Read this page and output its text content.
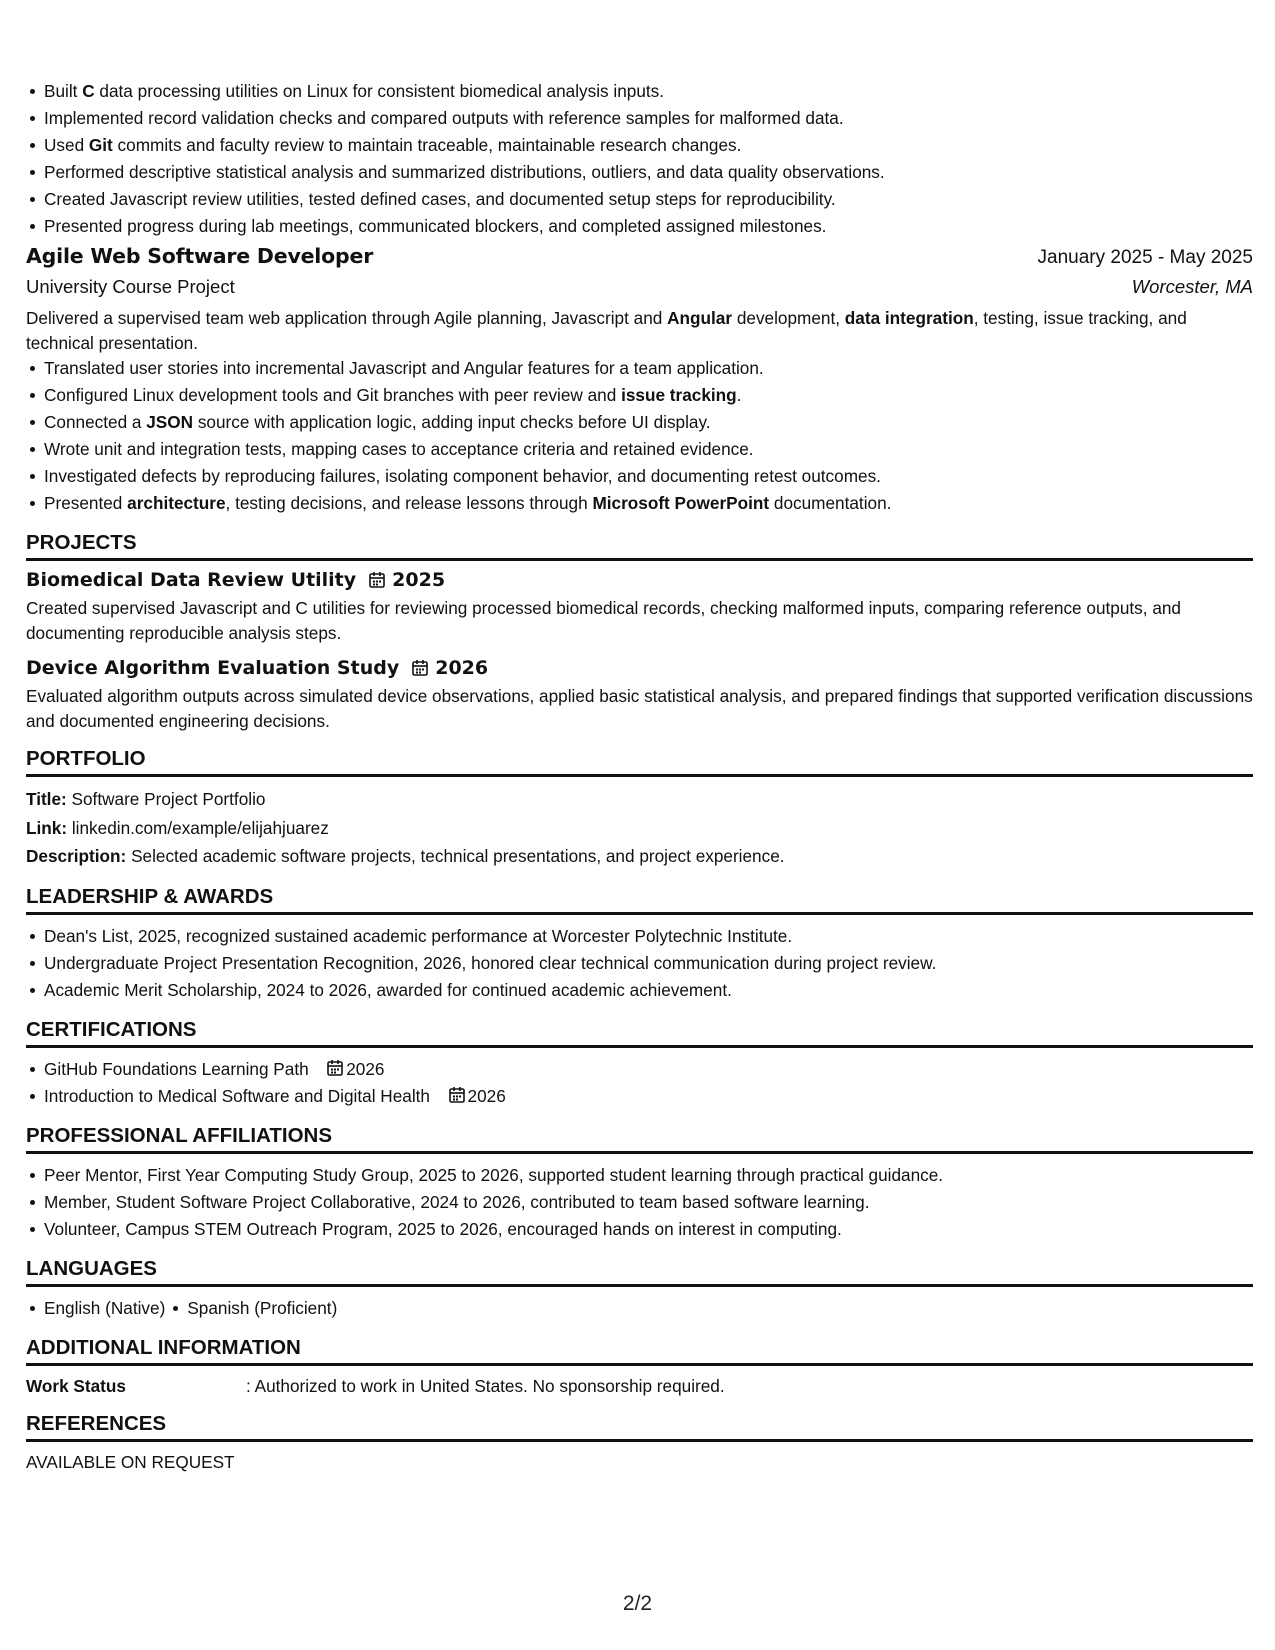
Built C data processing utilities on Linux for consistent biomedical analysis inputs.
Implemented record validation checks and compared outputs with reference samples for malformed data.
Used Git commits and faculty review to maintain traceable, maintainable research changes.
Performed descriptive statistical analysis and summarized distributions, outliers, and data quality observations.
Created Javascript review utilities, tested defined cases, and documented setup steps for reproducibility.
Presented progress during lab meetings, communicated blockers, and completed assigned milestones.
Agile Web Software Developer	January 2025 - May 2025
University Course Project	Worcester, MA
Delivered a supervised team web application through Agile planning, Javascript and Angular development, data integration, testing, issue tracking, and technical presentation.
Translated user stories into incremental Javascript and Angular features for a team application.
Configured Linux development tools and Git branches with peer review and issue tracking.
Connected a JSON source with application logic, adding input checks before UI display.
Wrote unit and integration tests, mapping cases to acceptance criteria and retained evidence.
Investigated defects by reproducing failures, isolating component behavior, and documenting retest outcomes.
Presented architecture, testing decisions, and release lessons through Microsoft PowerPoint documentation.
PROJECTS
Biomedical Data Review Utility 2025
Created supervised Javascript and C utilities for reviewing processed biomedical records, checking malformed inputs, comparing reference outputs, and documenting reproducible analysis steps.
Device Algorithm Evaluation Study 2026
Evaluated algorithm outputs across simulated device observations, applied basic statistical analysis, and prepared findings that supported verification discussions and documented engineering decisions.
PORTFOLIO
Title: Software Project Portfolio
Link: linkedin.com/example/elijahjuarez
Description: Selected academic software projects, technical presentations, and project experience.
LEADERSHIP & AWARDS
Dean's List, 2025, recognized sustained academic performance at Worcester Polytechnic Institute.
Undergraduate Project Presentation Recognition, 2026, honored clear technical communication during project review.
Academic Merit Scholarship, 2024 to 2026, awarded for continued academic achievement.
CERTIFICATIONS
GitHub Foundations Learning Path 2026
Introduction to Medical Software and Digital Health 2026
PROFESSIONAL AFFILIATIONS
Peer Mentor, First Year Computing Study Group, 2025 to 2026, supported student learning through practical guidance.
Member, Student Software Project Collaborative, 2024 to 2026, contributed to team based software learning.
Volunteer, Campus STEM Outreach Program, 2025 to 2026, encouraged hands on interest in computing.
LANGUAGES
English (Native) Spanish (Proficient)
ADDITIONAL INFORMATION
Work Status	: Authorized to work in United States. No sponsorship required.
REFERENCES
AVAILABLE ON REQUEST
2/2
